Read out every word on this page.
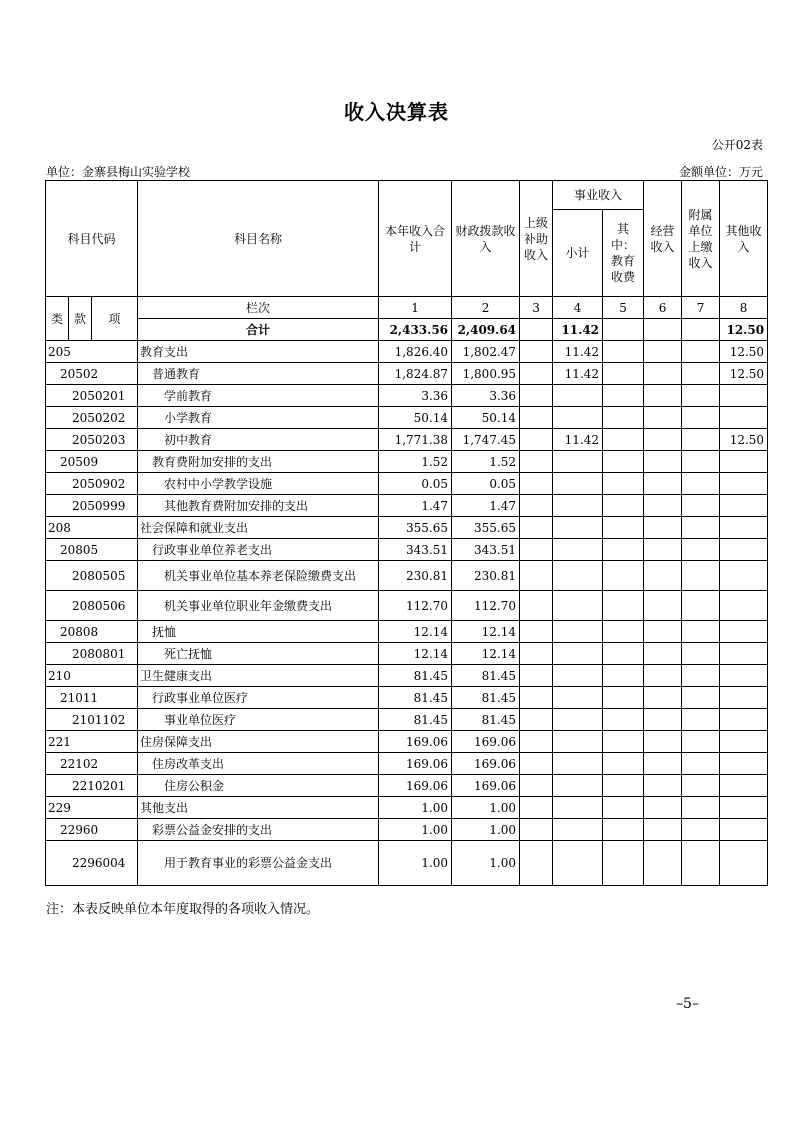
收入决算表
公开02表
单位：金寨县梅山实验学校	金额单位：万元
科目代码			科目名称	本年收入合计	财政拨款收入	上级补助收入	事业收入		经营收入	附属单位上缴收入	其他收入
							小计	其中：教育收费			
类	款	项	栏次	1	2	3	4	5	6	7	8
			合计	2,433.56	2,409.64		11.42				12.50
205			教育支出	1,826.40	1,802.47		11.42				12.50
20502			普通教育	1,824.87	1,800.95		11.42				12.50
2050201			学前教育	3.36	3.36						
2050202			小学教育	50.14	50.14						
2050203			初中教育	1,771.38	1,747.45		11.42				12.50
20509			教育费附加安排的支出	1.52	1.52						
2050902			农村中小学教学设施	0.05	0.05						
2050999			其他教育费附加安排的支出	1.47	1.47						
208			社会保障和就业支出	355.65	355.65						
20805			行政事业单位养老支出	343.51	343.51						
2080505			机关事业单位基本养老保险缴费支出	230.81	230.81						
2080506			机关事业单位职业年金缴费支出	112.70	112.70						
20808			抚恤	12.14	12.14						
2080801			死亡抚恤	12.14	12.14						
210			卫生健康支出	81.45	81.45						
21011			行政事业单位医疗	81.45	81.45						
2101102			事业单位医疗	81.45	81.45						
221			住房保障支出	169.06	169.06						
22102			住房改革支出	169.06	169.06						
2210201			住房公积金	169.06	169.06						
229			其他支出	1.00	1.00						
22960			彩票公益金安排的支出	1.00	1.00						
2296004			用于教育事业的彩票公益金支出	1.00	1.00						
注：本表反映单位本年度取得的各项收入情况。
–5–
